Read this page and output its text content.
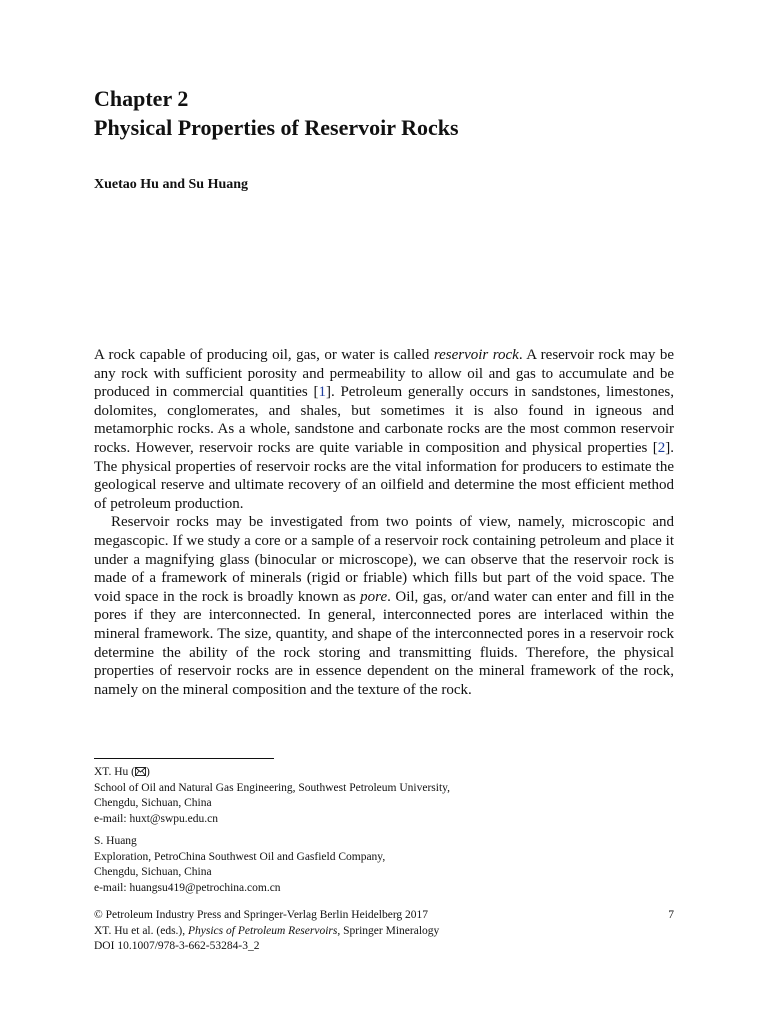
Chapter 2
Physical Properties of Reservoir Rocks
Xuetao Hu and Su Huang

A rock capable of producing oil, gas, or water is called reservoir rock. A reservoir rock may be any rock with sufficient porosity and permeability to allow oil and gas to accumulate and be produced in commercial quantities [1]. Petroleum generally occurs in sandstones, limestones, dolomites, conglomerates, and shales, but sometimes it is also found in igneous and metamorphic rocks. As a whole, sandstone and carbonate rocks are the most common reservoir rocks. However, reservoir rocks are quite variable in composition and physical properties [2]. The physical properties of reservoir rocks are the vital information for producers to estimate the geological reserve and ultimate recovery of an oilfield and determine the most efficient method of petroleum production.

Reservoir rocks may be investigated from two points of view, namely, microscopic and megascopic. If we study a core or a sample of a reservoir rock containing petroleum and place it under a magnifying glass (binocular or microscope), we can observe that the reservoir rock is made of a framework of minerals (rigid or friable) which fills but part of the void space. The void space in the rock is broadly known as pore. Oil, gas, or/and water can enter and fill in the pores if they are interconnected. In general, interconnected pores are interlaced within the mineral framework. The size, quantity, and shape of the interconnected pores in a reservoir rock determine the ability of the rock storing and transmitting fluids. Therefore, the physical properties of reservoir rocks are in essence dependent on the mineral framework of the rock, namely on the mineral composition and the texture of the rock.

XT. Hu ( )
School of Oil and Natural Gas Engineering, Southwest Petroleum University,
Chengdu, Sichuan, China
e-mail: huxt@swpu.edu.cn
S. Huang
Exploration, PetroChina Southwest Oil and Gasfield Company,
Chengdu, Sichuan, China
e-mail: huangsu419@petrochina.com.cn
© Petroleum Industry Press and Springer-Verlag Berlin Heidelberg 2017
XT. Hu et al. (eds.), Physics of Petroleum Reservoirs, Springer Mineralogy
DOI 10.1007/978-3-662-53284-3_2
7
